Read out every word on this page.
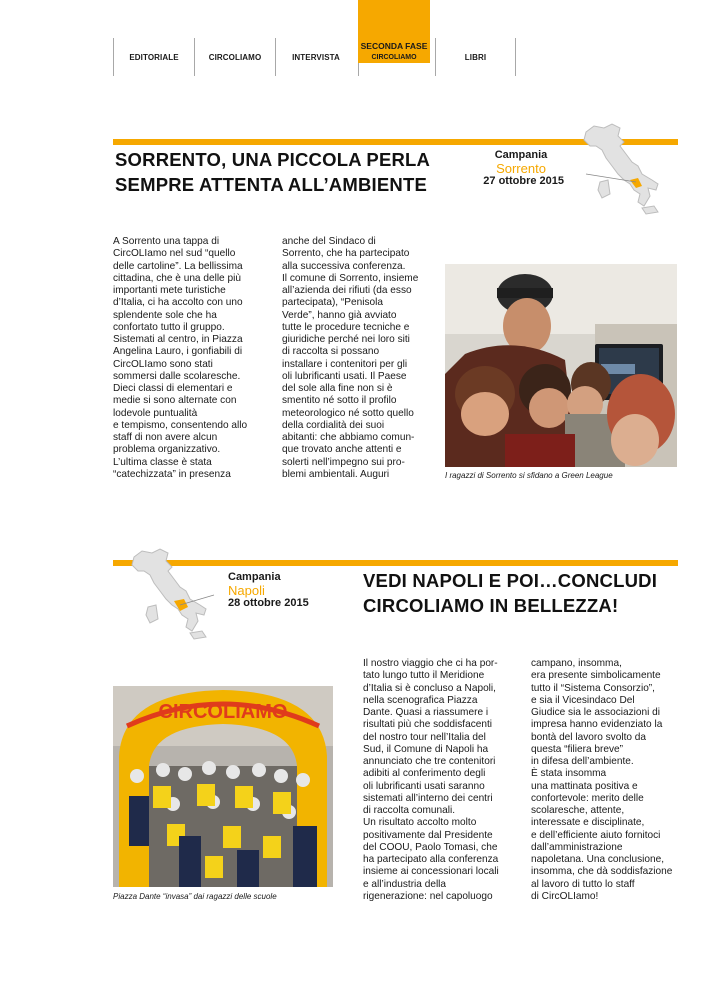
EDITORIALE	CIRCOLIAMO	INTERVISTA
SECONDA FASE
CIRCOLIAMO	LIBRI
SORRENTO, UNA PICCOLA PERLA
SEMPRE ATTENTA ALL’AMBIENTE
Campania
Sorrento
27 ottobre 2015
A Sorrento una tappa di
CircOLIamo nel sud “quello
delle cartoline”. La bellissima
cittadina, che è una delle più
importanti mete turistiche
d’Italia, ci ha accolto con uno
splendente sole che ha
confortato tutto il gruppo.
Sistemati al centro, in Piazza
Angelina Lauro, i gonfiabili di
CircOLIamo sono stati
sommersi dalle scolaresche.
Dieci classi di elementari e
medie si sono alternate con
lodevole puntualità
e tempismo, consentendo allo
staff di non avere alcun
problema organizzativo.
L’ultima classe è stata
“catechizzata” in presenza
anche del Sindaco di
Sorrento, che ha partecipato
alla successiva conferenza.
Il comune di Sorrento, insieme
all’azienda dei rifiuti (da esso
partecipata), “Penisola
Verde”, hanno già avviato
tutte le procedure tecniche e
giuridiche perché nei loro siti
di raccolta si possano
installare i contenitori per gli
oli lubrificanti usati. Il Paese
del sole alla fine non si è
smentito né sotto il profilo
meteorologico né sotto quello
della cordialità dei suoi
abitanti: che abbiamo comun-
que trovato anche attenti e
solerti nell’impegno sui pro-
blemi ambientali. Auguri	I ragazzi di Sorrento si sfidano a Green League
Campania
Napoli
28 ottobre 2015
VEDI NAPOLI E POI…CONCLUDI
CIRCOLIAMO IN BELLEZZA!
CIRCOLIAMO
Piazza Dante “invasa” dai ragazzi delle scuole
Il nostro viaggio che ci ha por-
tato lungo tutto il Meridione
d’Italia si è concluso a Napoli,
nella scenografica Piazza
Dante. Quasi a riassumere i
risultati più che soddisfacenti
del nostro tour nell’Italia del
Sud, il Comune di Napoli ha
annunciato che tre contenitori
adibiti al conferimento degli
oli lubrificanti usati saranno
sistemati all’interno dei centri
di raccolta comunali.
Un risultato accolto molto
positivamente dal Presidente
del COOU, Paolo Tomasi, che
ha partecipato alla conferenza
insieme ai concessionari locali
e all’industria della
rigenerazione: nel capoluogo
campano, insomma,
era presente simbolicamente
tutto il “Sistema Consorzio”,
e sia il Vicesindaco Del
Giudice sia le associazioni di
impresa hanno evidenziato la
bontà del lavoro svolto da
questa “filiera breve”
in difesa dell’ambiente.
È stata insomma
una mattinata positiva e
confortevole: merito delle
scolaresche, attente,
interessate e disciplinate,
e dell’efficiente aiuto fornitoci
dall’amministrazione
napoletana. Una conclusione,
insomma, che dà soddisfazione
al lavoro di tutto lo staff
di CircOLIamo!
